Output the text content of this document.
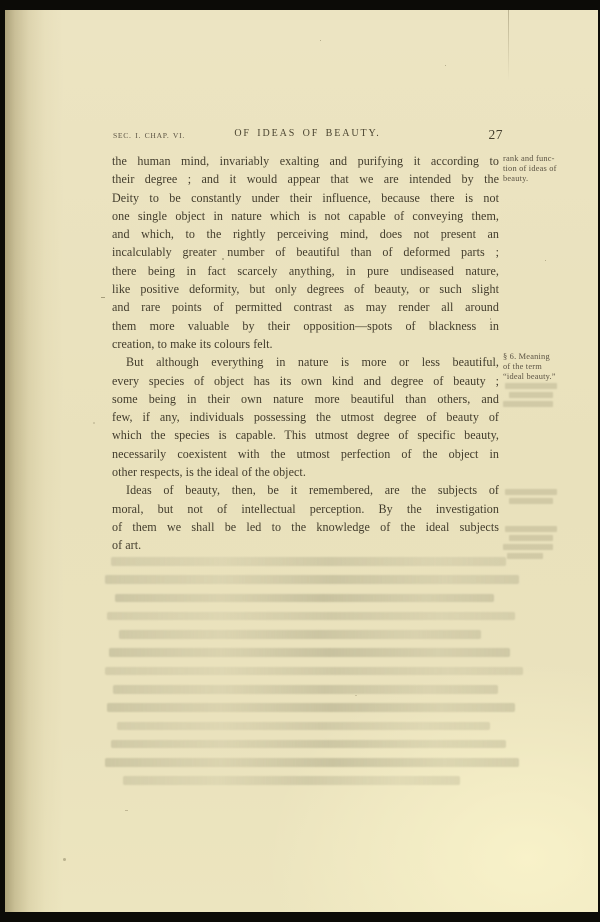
SEC. I. CHAP. VI.	OF IDEAS OF BEAUTY.	27
the human mind, invariably exalting and purifying it according to
their degree ; and it would appear that we are intended by the
Deity to be constantly under their influence, because there is not
one single object in nature which is not capable of conveying them,
and which, to the rightly perceiving mind, does not present an
incalculably greater number of beautiful than of deformed parts ;
there being in fact scarcely anything, in pure undiseased nature,
like positive deformity, but only degrees of beauty, or such slight
and rare points of permitted contrast as may render all around
them more valuable by their opposition—spots of blackness in
creation, to make its colours felt.
But although everything in nature is more or less beautiful,
every species of object has its own kind and degree of beauty ;
some being in their own nature more beautiful than others, and
few, if any, individuals possessing the utmost degree of beauty of
which the species is capable. This utmost degree of specific beauty,
necessarily coexistent with the utmost perfection of the object in
other respects, is the ideal of the object.
Ideas of beauty, then, be it remembered, are the subjects of
moral, but not of intellectual perception. By the investigation
of them we shall be led to the knowledge of the ideal subjects
of art.
rank and func-
tion of ideas of
beauty.
§ 6. Meaning
of the term
“ideal beauty.”
